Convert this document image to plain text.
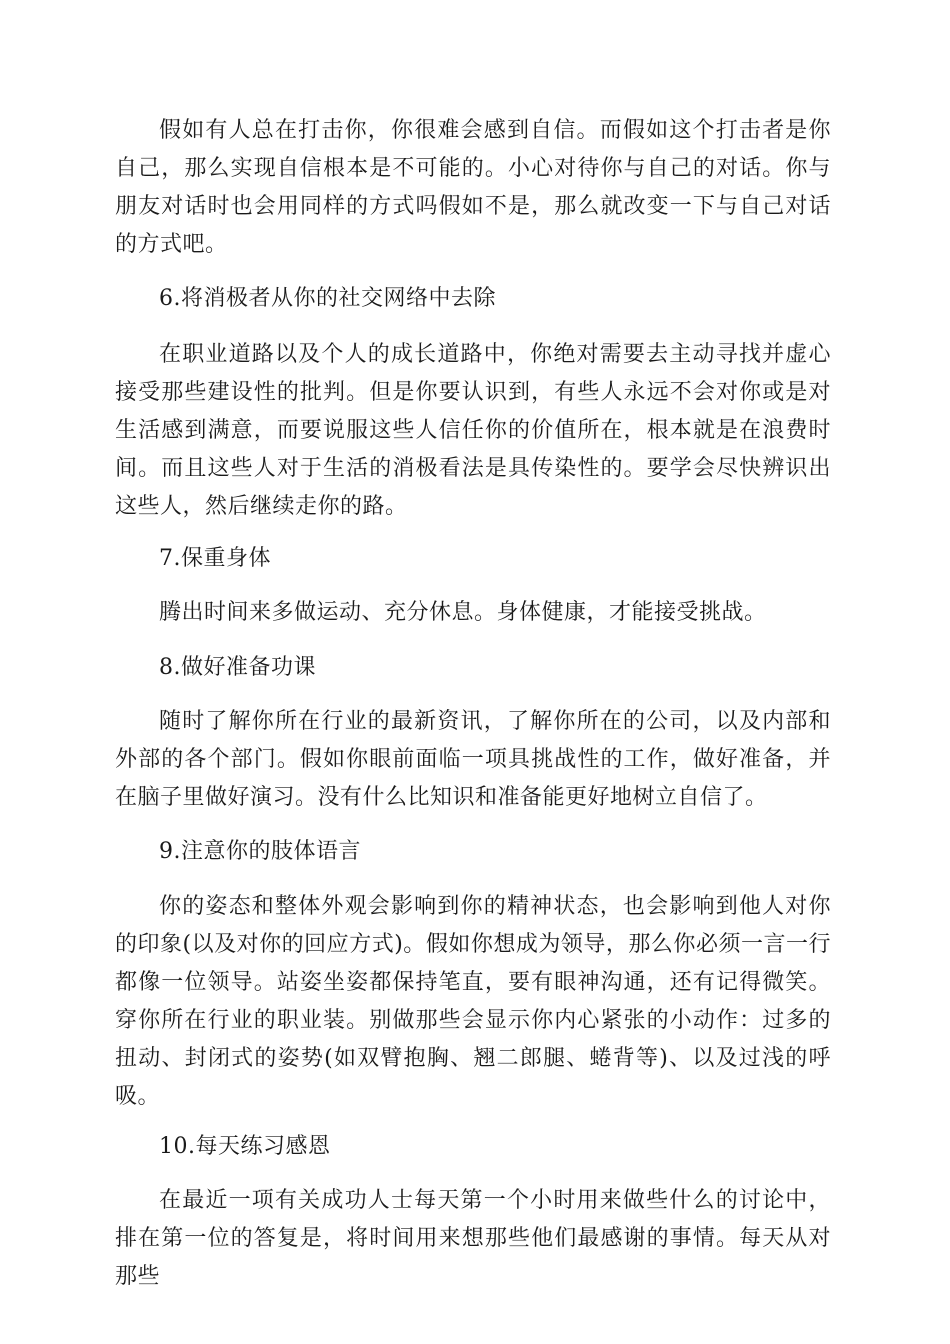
假如有人总在打击你，你很难会感到自信。而假如这个打击者是你自己，那么实现自信根本是不可能的。小心对待你与自己的对话。你与朋友对话时也会用同样的方式吗假如不是，那么就改变一下与自己对话的方式吧。

6.将消极者从你的社交网络中去除

在职业道路以及个人的成长道路中，你绝对需要去主动寻找并虚心接受那些建设性的批判。但是你要认识到，有些人永远不会对你或是对生活感到满意，而要说服这些人信任你的价值所在，根本就是在浪费时间。而且这些人对于生活的消极看法是具传染性的。要学会尽快辨识出这些人，然后继续走你的路。

7.保重身体

腾出时间来多做运动、充分休息。身体健康，才能接受挑战。

8.做好准备功课

随时了解你所在行业的最新资讯，了解你所在的公司，以及内部和外部的各个部门。假如你眼前面临一项具挑战性的工作，做好准备，并在脑子里做好演习。没有什么比知识和准备能更好地树立自信了。

9.注意你的肢体语言

你的姿态和整体外观会影响到你的精神状态，也会影响到他人对你的印象(以及对你的回应方式)。假如你想成为领导，那么你必须一言一行都像一位领导。站姿坐姿都保持笔直，要有眼神沟通，还有记得微笑。穿你所在行业的职业装。别做那些会显示你内心紧张的小动作：过多的扭动、封闭式的姿势(如双臂抱胸、翘二郎腿、蜷背等)、以及过浅的呼吸。

10.每天练习感恩

在最近一项有关成功人士每天第一个小时用来做些什么的讨论中，排在第一位的答复是，将时间用来想那些他们最感谢的事情。每天从对那些
